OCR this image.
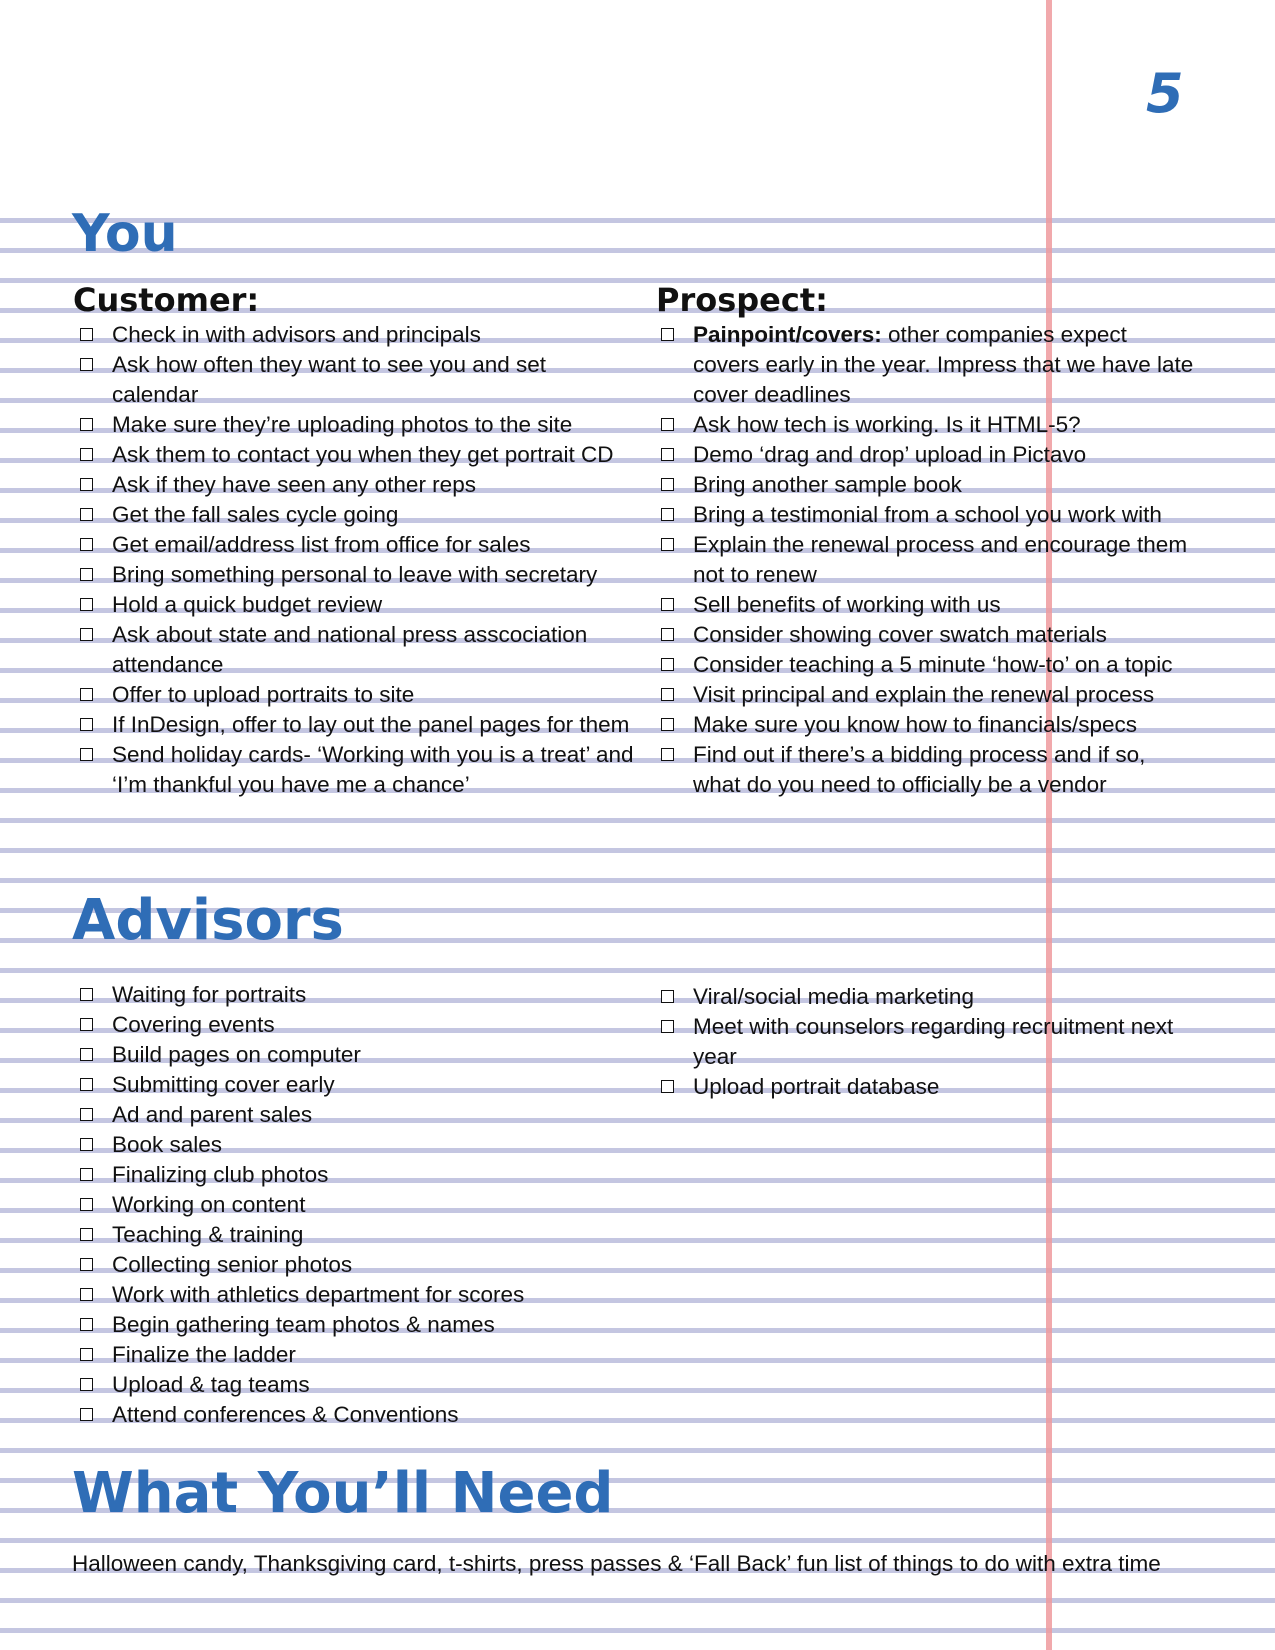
5
You
Customer:
Check in with advisors and principals
Ask how often they want to see you and set calendar
Make sure they’re uploading photos to the site
Ask them to contact you when they get portrait CD
Ask if they have seen any other reps
Get the fall sales cycle going
Get email/address list from office for sales
Bring something personal to leave with secretary
Hold a quick budget review
Ask about state and national press asscociation attendance
Offer to upload portraits to site
If InDesign, offer to lay out the panel pages for them
Send holiday cards- ‘Working with you is a treat’ and ‘I’m thankful you have me a chance’
Prospect:
Painpoint/covers: other companies expect covers early in the year. Impress that we have late cover deadlines
Ask how tech is working. Is it HTML-5?
Demo ‘drag and drop’ upload in Pictavo
Bring another sample book
Bring a testimonial from a school you work with
Explain the renewal process and encourage them not to renew
Sell benefits of working with us
Consider showing cover swatch materials
Consider teaching a 5 minute ‘how-to’ on a topic
Visit principal and explain the renewal process
Make sure you know how to financials/specs
Find out if there’s a bidding process and if so, what do you need to officially be a vendor
Advisors
Waiting for portraits
Covering events
Build pages on computer
Submitting cover early
Ad and parent sales
Book sales
Finalizing club photos
Working on content
Teaching & training
Collecting senior photos
Work with athletics department for scores
Begin gathering team photos & names
Finalize the ladder
Upload & tag teams
Attend conferences & Conventions
Viral/social media marketing
Meet with counselors regarding recruitment next year
Upload portrait database
What You’ll Need

Halloween candy, Thanksgiving card, t-shirts, press passes & ‘Fall Back’ fun list of things to do with extra time
